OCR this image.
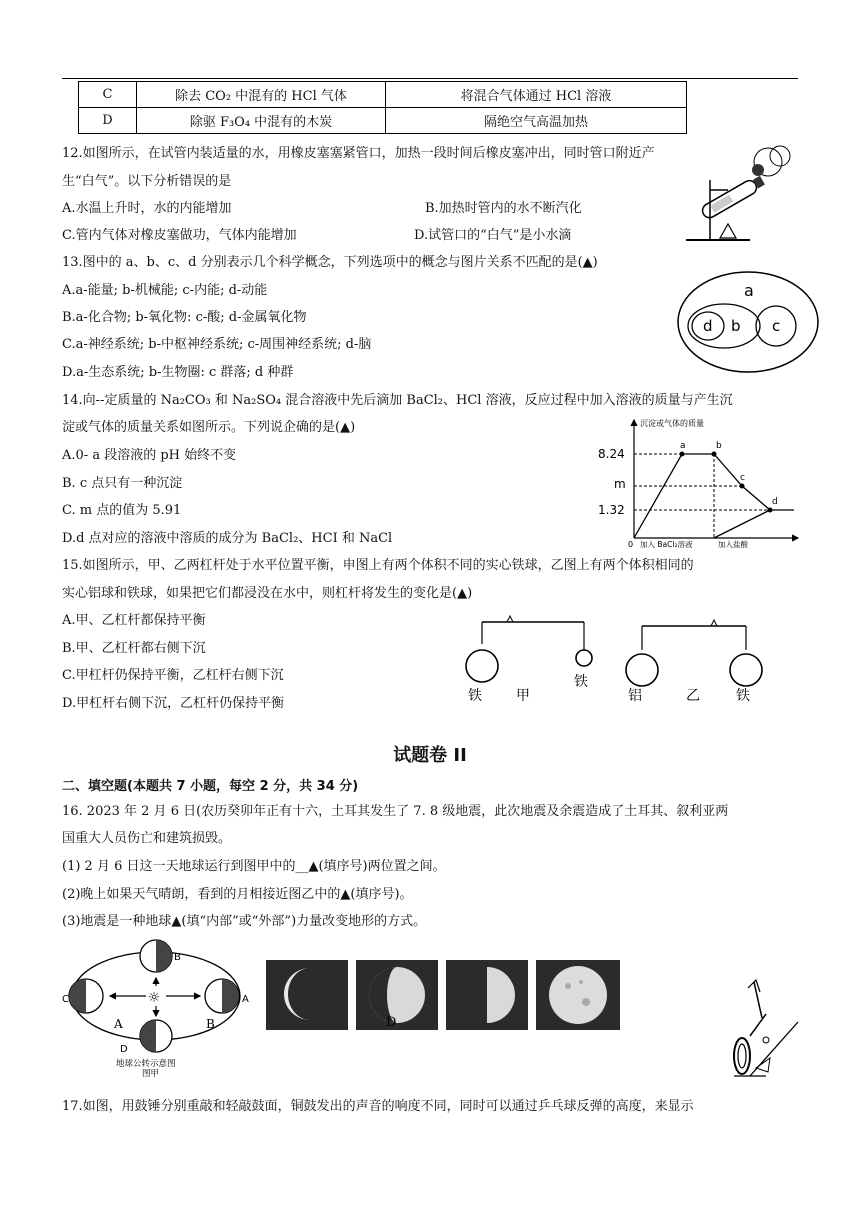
C	除去 CO₂ 中混有的 HCl 气体	将混合气体通过 HCl 溶液
D	除驱 F₃O₄ 中混有的木炭	隔绝空气高温加热
12.如图所示，在试管内装适量的水，用橡皮塞塞紧管口，加热一段时间后橡皮塞冲出，同时管口附近产
生“白气”。以下分析错误的是
A.水温上升时，水的内能增加	B.加热时管内的水不断汽化
C.管内气体对橡皮塞做功，气体内能增加	D.试管口的“白气”是小水滴
13.图中的 a、b、c、d 分别表示几个科学概念，下列选项中的概念与图片关系不匹配的是(▲)
A.a-能量; b-机械能; c-内能; d-动能
B.a-化合物; b-氧化物: c-酸; d-金属氧化物
C.a-神经系统; b-中枢神经系统; c-周围神经系统; d-脑
D.a-生态系统; b-生物圈: c 群落; d 种群
a
b c
d
14.向--定质量的 Na₂CO₃ 和 Na₂SO₄ 混合溶液中先后滴加 BaCl₂、HCl 溶液，反应过程中加入溶液的质量与产生沉
淀或气体的质量关系如图所示。下列说企确的是(▲)
A.0- a 段溶液的 pH 始终不变
B. c 点只有一种沉淀
C. m 点的值为 5.91
D.d 点对应的溶液中溶质的成分为 BaCl₂、HCI 和 NaCl
沉淀或气体的质量
8.24
m
1.32
0 加入 BaCl₂溶液	加入盐酸
a	b
c
d
15.如图所示，甲、乙两杠杆处于水平位置平衡，申图上有两个体积不同的实心铁球，乙图上有两个体积相同的
实心铝球和铁球，如果把它们都浸没在水中，则杠杆将发生的变化是(▲)
A.甲、乙杠杆都保持平衡
B.甲、乙杠杆都右侧下沉
C.甲杠杆仍保持平衡，乙杠杆右侧下沉
D.甲杠杆右侧下沉，乙杠杆仍保持平衡	铁 甲
铁
铝	乙	铁
试题卷 II
二、填空题(本题共 7 小题，每空 2 分，共 34 分)
16. 2023 年 2 月 6 日(农历癸卯年正有十六，土耳其发生了 7. 8 级地震，此次地震及余震造成了土耳其、叙利亚两
国重大人员伤亡和建筑损毁。
(1) 2 月 6 日这一天地球运行到图甲中的__▲(填序号)两位置之间。
(2)晚上如果天气晴朗，看到的月相接近图乙中的▲(填序号)。
(3)地震是一种地球▲(填“内部”或“外部”)力量改变地形的方式。
☼
B
C	A
A	B
D
地球公转示意图
图甲
D
17.如图，用鼓锤分别重敲和轻敲鼓面，铜鼓发出的声音的响度不同，同时可以通过乒乓球反弹的高度，来显示
